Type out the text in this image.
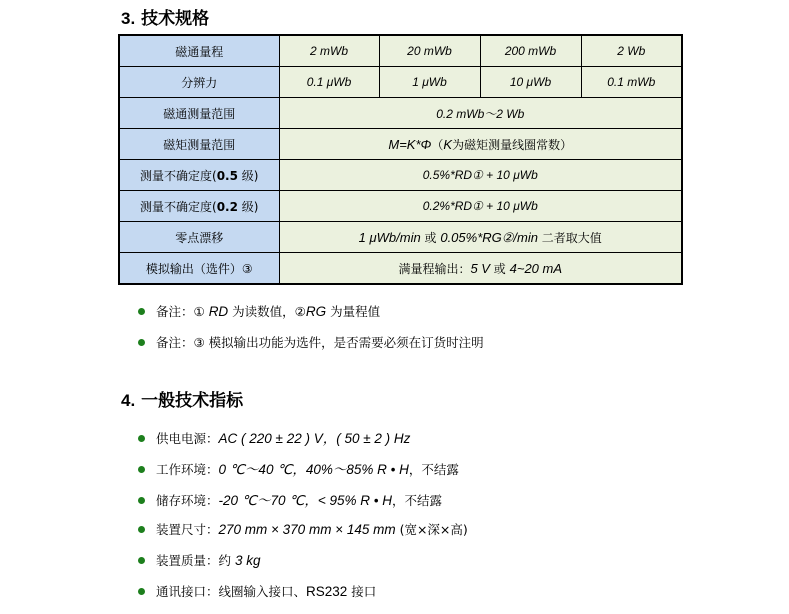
3. 技术规格
磁通量程	2 mWb	20 mWb	200 mWb	2 Wb
分辨力	0.1 μWb	1 μWb	10 μWb	0.1 mWb
磁通测量范围	0.2 mWb～2 Wb			
磁矩测量范围	M=K*Φ（K为磁矩测量线圈常数）			
测量不确定度(0.5 级)	0.5%*RD① + 10 μWb			
测量不确定度(0.2 级)	0.2%*RD① + 10 μWb			
零点漂移	1 μWb/min 或 0.05%*RG②/min 二者取大值			
模拟输出（选件）③	满量程输出：5 V 或 4~20 mA			
备注：① RD 为读数值，②RG 为量程值
备注：③ 模拟输出功能为选件，是否需要必须在订货时注明
4. 一般技术指标
供电电源：AC ( 220 ± 22 ) V，( 50 ± 2 ) Hz
工作环境：0 ℃～40 ℃，40%～85% R • H，不结露
储存环境：-20 ℃～70 ℃，< 95% R • H，不结露
装置尺寸：270 mm × 370 mm × 145 mm (宽×深×高)
装置质量：约 3 kg
通讯接口：线圈输入接口、RS232 接口
